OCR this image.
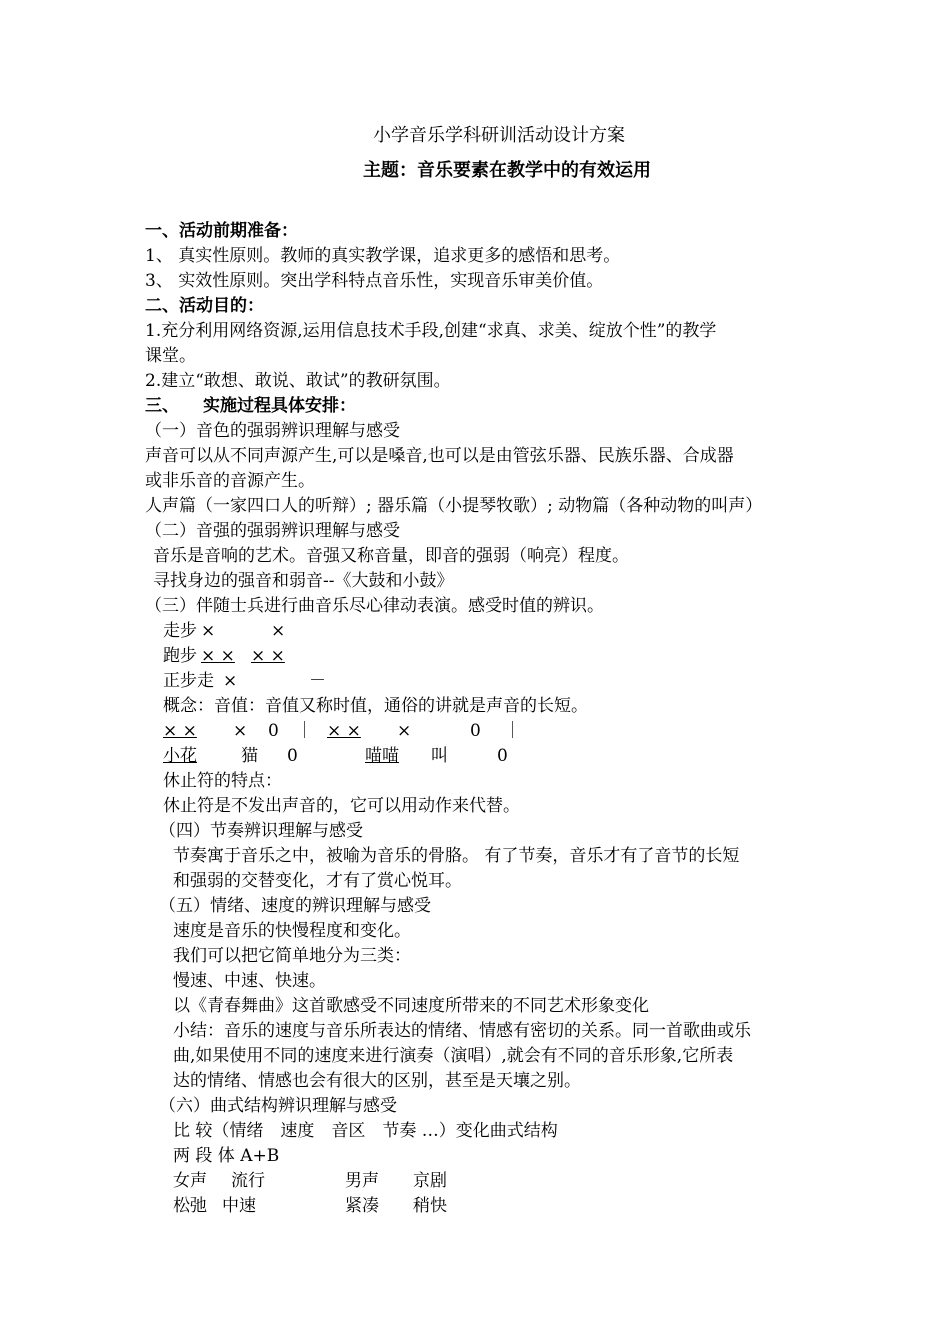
小学音乐学科研训活动设计方案
主题：音乐要素在教学中的有效运用
一、活动前期准备：
1、 真实性原则。教师的真实教学课，追求更多的感悟和思考。
3、 实效性原则。突出学科特点音乐性，实现音乐审美价值。
二、活动目的：
1.充分利用网络资源,运用信息技术手段,创建“求真、求美、绽放个性”的教学
课堂。
2.建立“敢想、敢说、敢试”的教研氛围。
三、 实施过程具体安排：
（一）音色的强弱辨识理解与感受
声音可以从不同声源产生,可以是嗓音,也可以是由管弦乐器、民族乐器、合成器
或非乐音的音源产生。
人声篇（一家四口人的听辩）; 器乐篇（小提琴牧歌）; 动物篇（各种动物的叫声）
（二）音强的强弱辨识理解与感受
音乐是音响的艺术。音强又称音量，即音的强弱（响亮）程度。
寻找身边的强音和弱音--《大鼓和小鼓》
（三）伴随士兵进行曲音乐尽心律动表演。感受时值的辨识。
走步 ×	×
跑步 × × × ×
正步走 ×	－
概念：音值：音值又称时值，通俗的讲就是声音的长短。
× × × 0 ｜ × × ×	0 ｜
小花	猫 0	喵喵 叫	0
休止符的特点：
休止符是不发出声音的，它可以用动作来代替。
（四）节奏辨识理解与感受
节奏寓于音乐之中，被喻为音乐的骨胳。 有了节奏，音乐才有了音节的长短
和强弱的交替变化，才有了赏心悦耳。
（五）情绪、速度的辨识理解与感受
速度是音乐的快慢程度和变化。
我们可以把它简单地分为三类：
慢速、中速、快速。
以《青春舞曲》这首歌感受不同速度所带来的不同艺术形象变化
小结：音乐的速度与音乐所表达的情绪、情感有密切的关系。同一首歌曲或乐
曲,如果使用不同的速度来进行演奏（演唱）,就会有不同的音乐形象,它所表
达的情绪、情感也会有很大的区别，甚至是天壤之别。
（六）曲式结构辨识理解与感受
比 较（情绪　速度　音区　节奏 …）变化曲式结构
两 段 体 A+B
女声 流行	男声 京剧
松弛 中速	紧凑 稍快
